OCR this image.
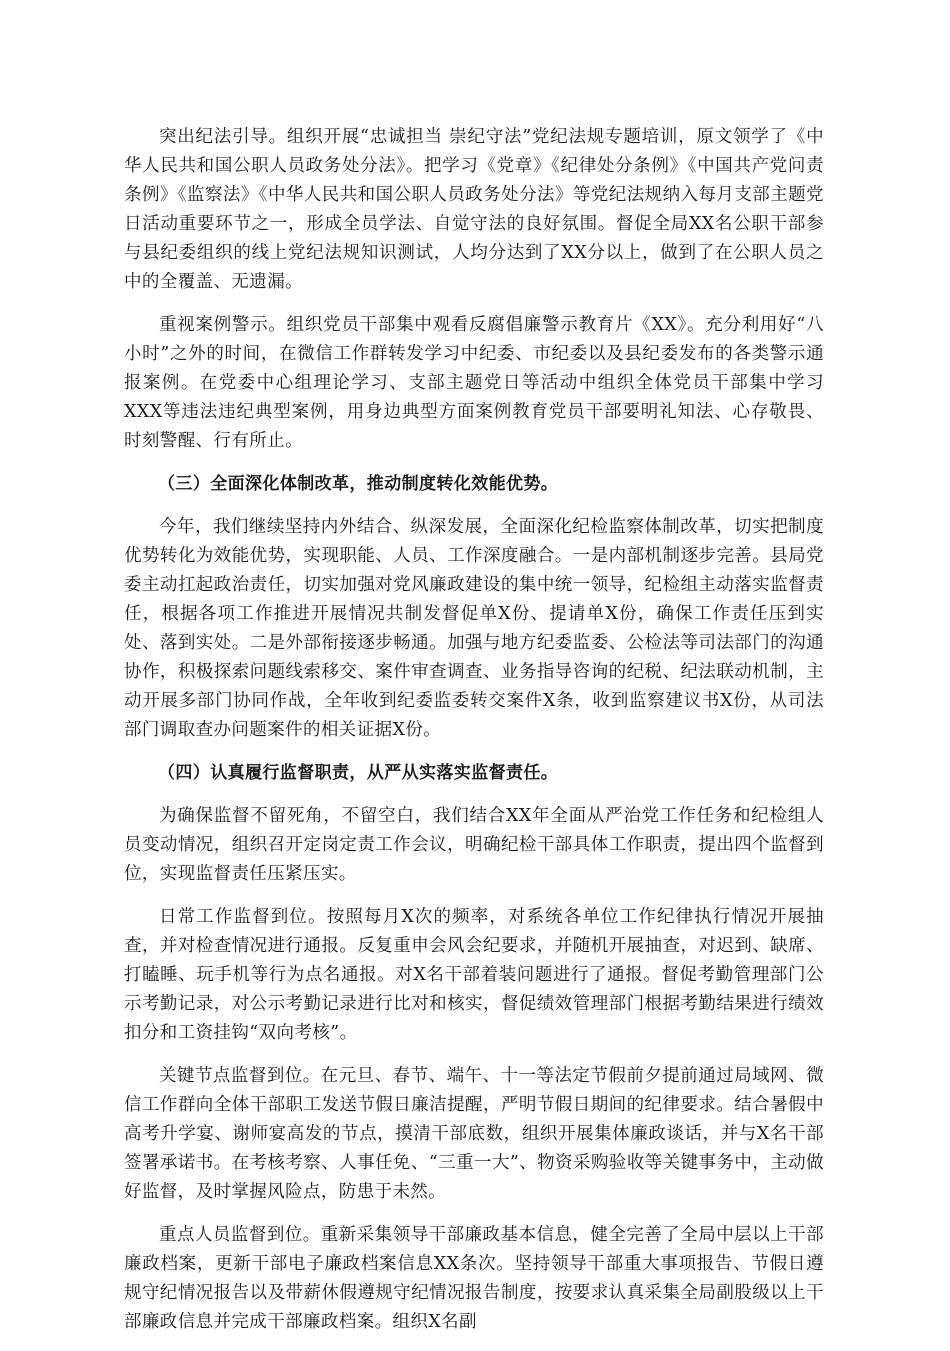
突出纪法引导。组织开展“忠诚担当 崇纪守法”党纪法规专题培训，原文领学了《中华人民共和国公职人员政务处分法》。把学习《党章》《纪律处分条例》《中国共产党问责条例》《监察法》《中华人民共和国公职人员政务处分法》等党纪法规纳入每月支部主题党日活动重要环节之一，形成全员学法、自觉守法的良好氛围。督促全局XX名公职干部参与县纪委组织的线上党纪法规知识测试，人均分达到了XX分以上，做到了在公职人员之中的全覆盖、无遗漏。

重视案例警示。组织党员干部集中观看反腐倡廉警示教育片《XX》。充分利用好“八小时”之外的时间，在微信工作群转发学习中纪委、市纪委以及县纪委发布的各类警示通报案例。在党委中心组理论学习、支部主题党日等活动中组织全体党员干部集中学习XXX等违法违纪典型案例，用身边典型方面案例教育党员干部要明礼知法、心存敬畏、时刻警醒、行有所止。

（三）全面深化体制改革，推动制度转化效能优势。

今年，我们继续坚持内外结合、纵深发展，全面深化纪检监察体制改革，切实把制度优势转化为效能优势，实现职能、人员、工作深度融合。一是内部机制逐步完善。县局党委主动扛起政治责任，切实加强对党风廉政建设的集中统一领导，纪检组主动落实监督责任，根据各项工作推进开展情况共制发督促单X份、提请单X份，确保工作责任压到实处、落到实处。二是外部衔接逐步畅通。加强与地方纪委监委、公检法等司法部门的沟通协作，积极探索问题线索移交、案件审查调查、业务指导咨询的纪税、纪法联动机制，主动开展多部门协同作战，全年收到纪委监委转交案件X条，收到监察建议书X份，从司法部门调取查办问题案件的相关证据X份。

（四）认真履行监督职责，从严从实落实监督责任。

为确保监督不留死角，不留空白，我们结合XX年全面从严治党工作任务和纪检组人员变动情况，组织召开定岗定责工作会议，明确纪检干部具体工作职责，提出四个监督到位，实现监督责任压紧压实。

日常工作监督到位。按照每月X次的频率，对系统各单位工作纪律执行情况开展抽查，并对检查情况进行通报。反复重申会风会纪要求，并随机开展抽查，对迟到、缺席、打瞌睡、玩手机等行为点名通报。对X名干部着装问题进行了通报。督促考勤管理部门公示考勤记录，对公示考勤记录进行比对和核实，督促绩效管理部门根据考勤结果进行绩效扣分和工资挂钩“双向考核”。

关键节点监督到位。在元旦、春节、端午、十一等法定节假前夕提前通过局域网、微信工作群向全体干部职工发送节假日廉洁提醒，严明节假日期间的纪律要求。结合暑假中高考升学宴、谢师宴高发的节点，摸清干部底数，组织开展集体廉政谈话，并与X名干部签署承诺书。在考核考察、人事任免、“三重一大”、物资采购验收等关键事务中，主动做好监督，及时掌握风险点，防患于未然。

重点人员监督到位。重新采集领导干部廉政基本信息，健全完善了全局中层以上干部廉政档案，更新干部电子廉政档案信息XX条次。坚持领导干部重大事项报告、节假日遵规守纪情况报告以及带薪休假遵规守纪情况报告制度，按要求认真采集全局副股级以上干部廉政信息并完成干部廉政档案。组织X名副
